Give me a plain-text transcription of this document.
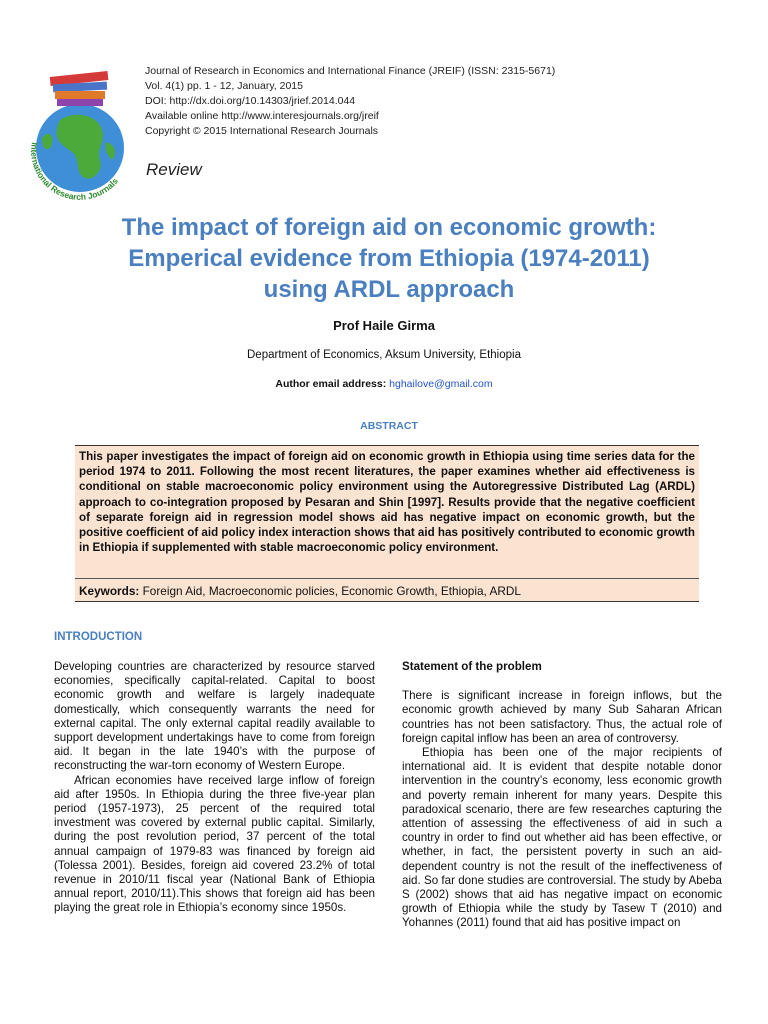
International Research Journals
Journal of Research in Economics and International Finance (JREIF) (ISSN: 2315-5671)
Vol. 4(1) pp. 1 - 12, January, 2015
DOI: http://dx.doi.org/10.14303/jrief.2014.044
Available online http://www.interesjournals.org/jreif
Copyright © 2015 International Research Journals
Review
The impact of foreign aid on economic growth:
Emperical evidence from Ethiopia (1974-2011)
using ARDL approach
Prof Haile Girma
Department of Economics, Aksum University, Ethiopia
Author email address: hghailove@gmail.com
ABSTRACT
This paper investigates the impact of foreign aid on economic growth in Ethiopia using time series data for the period 1974 to 2011. Following the most recent literatures, the paper examines whether aid effectiveness is conditional on stable macroeconomic policy environment using the Autoregressive Distributed Lag (ARDL) approach to co-integration proposed by Pesaran and Shin [1997]. Results provide that the negative coefficient of separate foreign aid in regression model shows aid has negative impact on economic growth, but the positive coefficient of aid policy index interaction shows that aid has positively contributed to economic growth in Ethiopia if supplemented with stable macroeconomic policy environment.
Keywords: Foreign Aid, Macroeconomic policies, Economic Growth, Ethiopia, ARDL
INTRODUCTION

Developing countries are characterized by resource starved economies, specifically capital-related. Capital to boost economic growth and welfare is largely inadequate domestically, which consequently warrants the need for external capital. The only external capital readily available to support development undertakings have to come from foreign aid. It began in the late 1940’s with the purpose of reconstructing the war-torn economy of Western Europe.

African economies have received large inflow of foreign aid after 1950s. In Ethiopia during the three five-year plan period (1957-1973), 25 percent of the required total investment was covered by external public capital. Similarly, during the post revolution period, 37 percent of the total annual campaign of 1979-83 was financed by foreign aid (Tolessa 2001). Besides, foreign aid covered 23.2% of total revenue in 2010/11 fiscal year (National Bank of Ethiopia annual report, 2010/11).This shows that foreign aid has been playing the great role in Ethiopia’s economy since 1950s.

Statement of the problem

There is significant increase in foreign inflows, but the economic growth achieved by many Sub Saharan African countries has not been satisfactory. Thus, the actual role of foreign capital inflow has been an area of controversy.

Ethiopia has been one of the major recipients of international aid. It is evident that despite notable donor intervention in the country’s economy, less economic growth and poverty remain inherent for many years. Despite this paradoxical scenario, there are few researches capturing the attention of assessing the effectiveness of aid in such a country in order to find out whether aid has been effective, or whether, in fact, the persistent poverty in such an aid-dependent country is not the result of the ineffectiveness of aid. So far done studies are controversial. The study by Abeba S (2002) shows that aid has negative impact on economic growth of Ethiopia while the study by Tasew T (2010) and Yohannes (2011) found that aid has positive impact on
